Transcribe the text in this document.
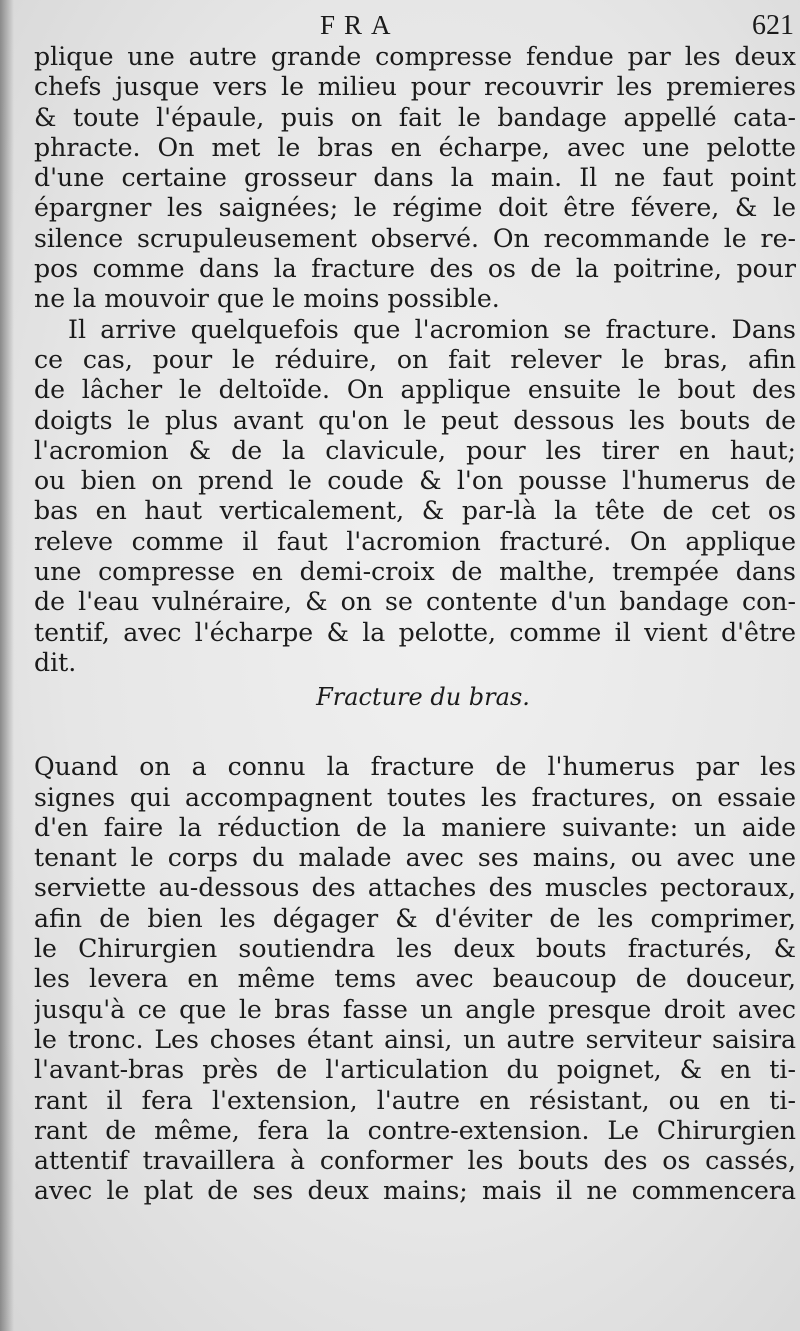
FRA	621
plique une autre grande compresse fendue par les deux
chefs jusque vers le milieu pour recouvrir les premieres
& toute l'épaule, puis on fait le bandage appellé cata-
phracte. On met le bras en écharpe, avec une pelotte
d'une certaine grosseur dans la main. Il ne faut point
épargner les saignées; le régime doit être févere, & le
silence scrupuleusement observé. On recommande le re-
pos comme dans la fracture des os de la poitrine, pour
ne la mouvoir que le moins possible.
Il arrive quelquefois que l'acromion se fracture. Dans
ce cas, pour le réduire, on fait relever le bras, afin
de lâcher le deltoïde. On applique ensuite le bout des
doigts le plus avant qu'on le peut dessous les bouts de
l'acromion & de la clavicule, pour les tirer en haut;
ou bien on prend le coude & l'on pousse l'humerus de
bas en haut verticalement, & par-là la tête de cet os
releve comme il faut l'acromion fracturé. On applique
une compresse en demi-croix de malthe, trempée dans
de l'eau vulnéraire, & on se contente d'un bandage con-
tentif, avec l'écharpe & la pelotte, comme il vient d'être
dit.
Fracture du bras.
Quand on a connu la fracture de l'humerus par les
signes qui accompagnent toutes les fractures, on essaie
d'en faire la réduction de la maniere suivante: un aide
tenant le corps du malade avec ses mains, ou avec une
serviette au-dessous des attaches des muscles pectoraux,
afin de bien les dégager & d'éviter de les comprimer,
le Chirurgien soutiendra les deux bouts fracturés, &
les levera en même tems avec beaucoup de douceur,
jusqu'à ce que le bras fasse un angle presque droit avec
le tronc. Les choses étant ainsi, un autre serviteur saisira
l'avant-bras près de l'articulation du poignet, & en ti-
rant il fera l'extension, l'autre en résistant, ou en ti-
rant de même, fera la contre-extension. Le Chirurgien
attentif travaillera à conformer les bouts des os cassés,
avec le plat de ses deux mains; mais il ne commencera
